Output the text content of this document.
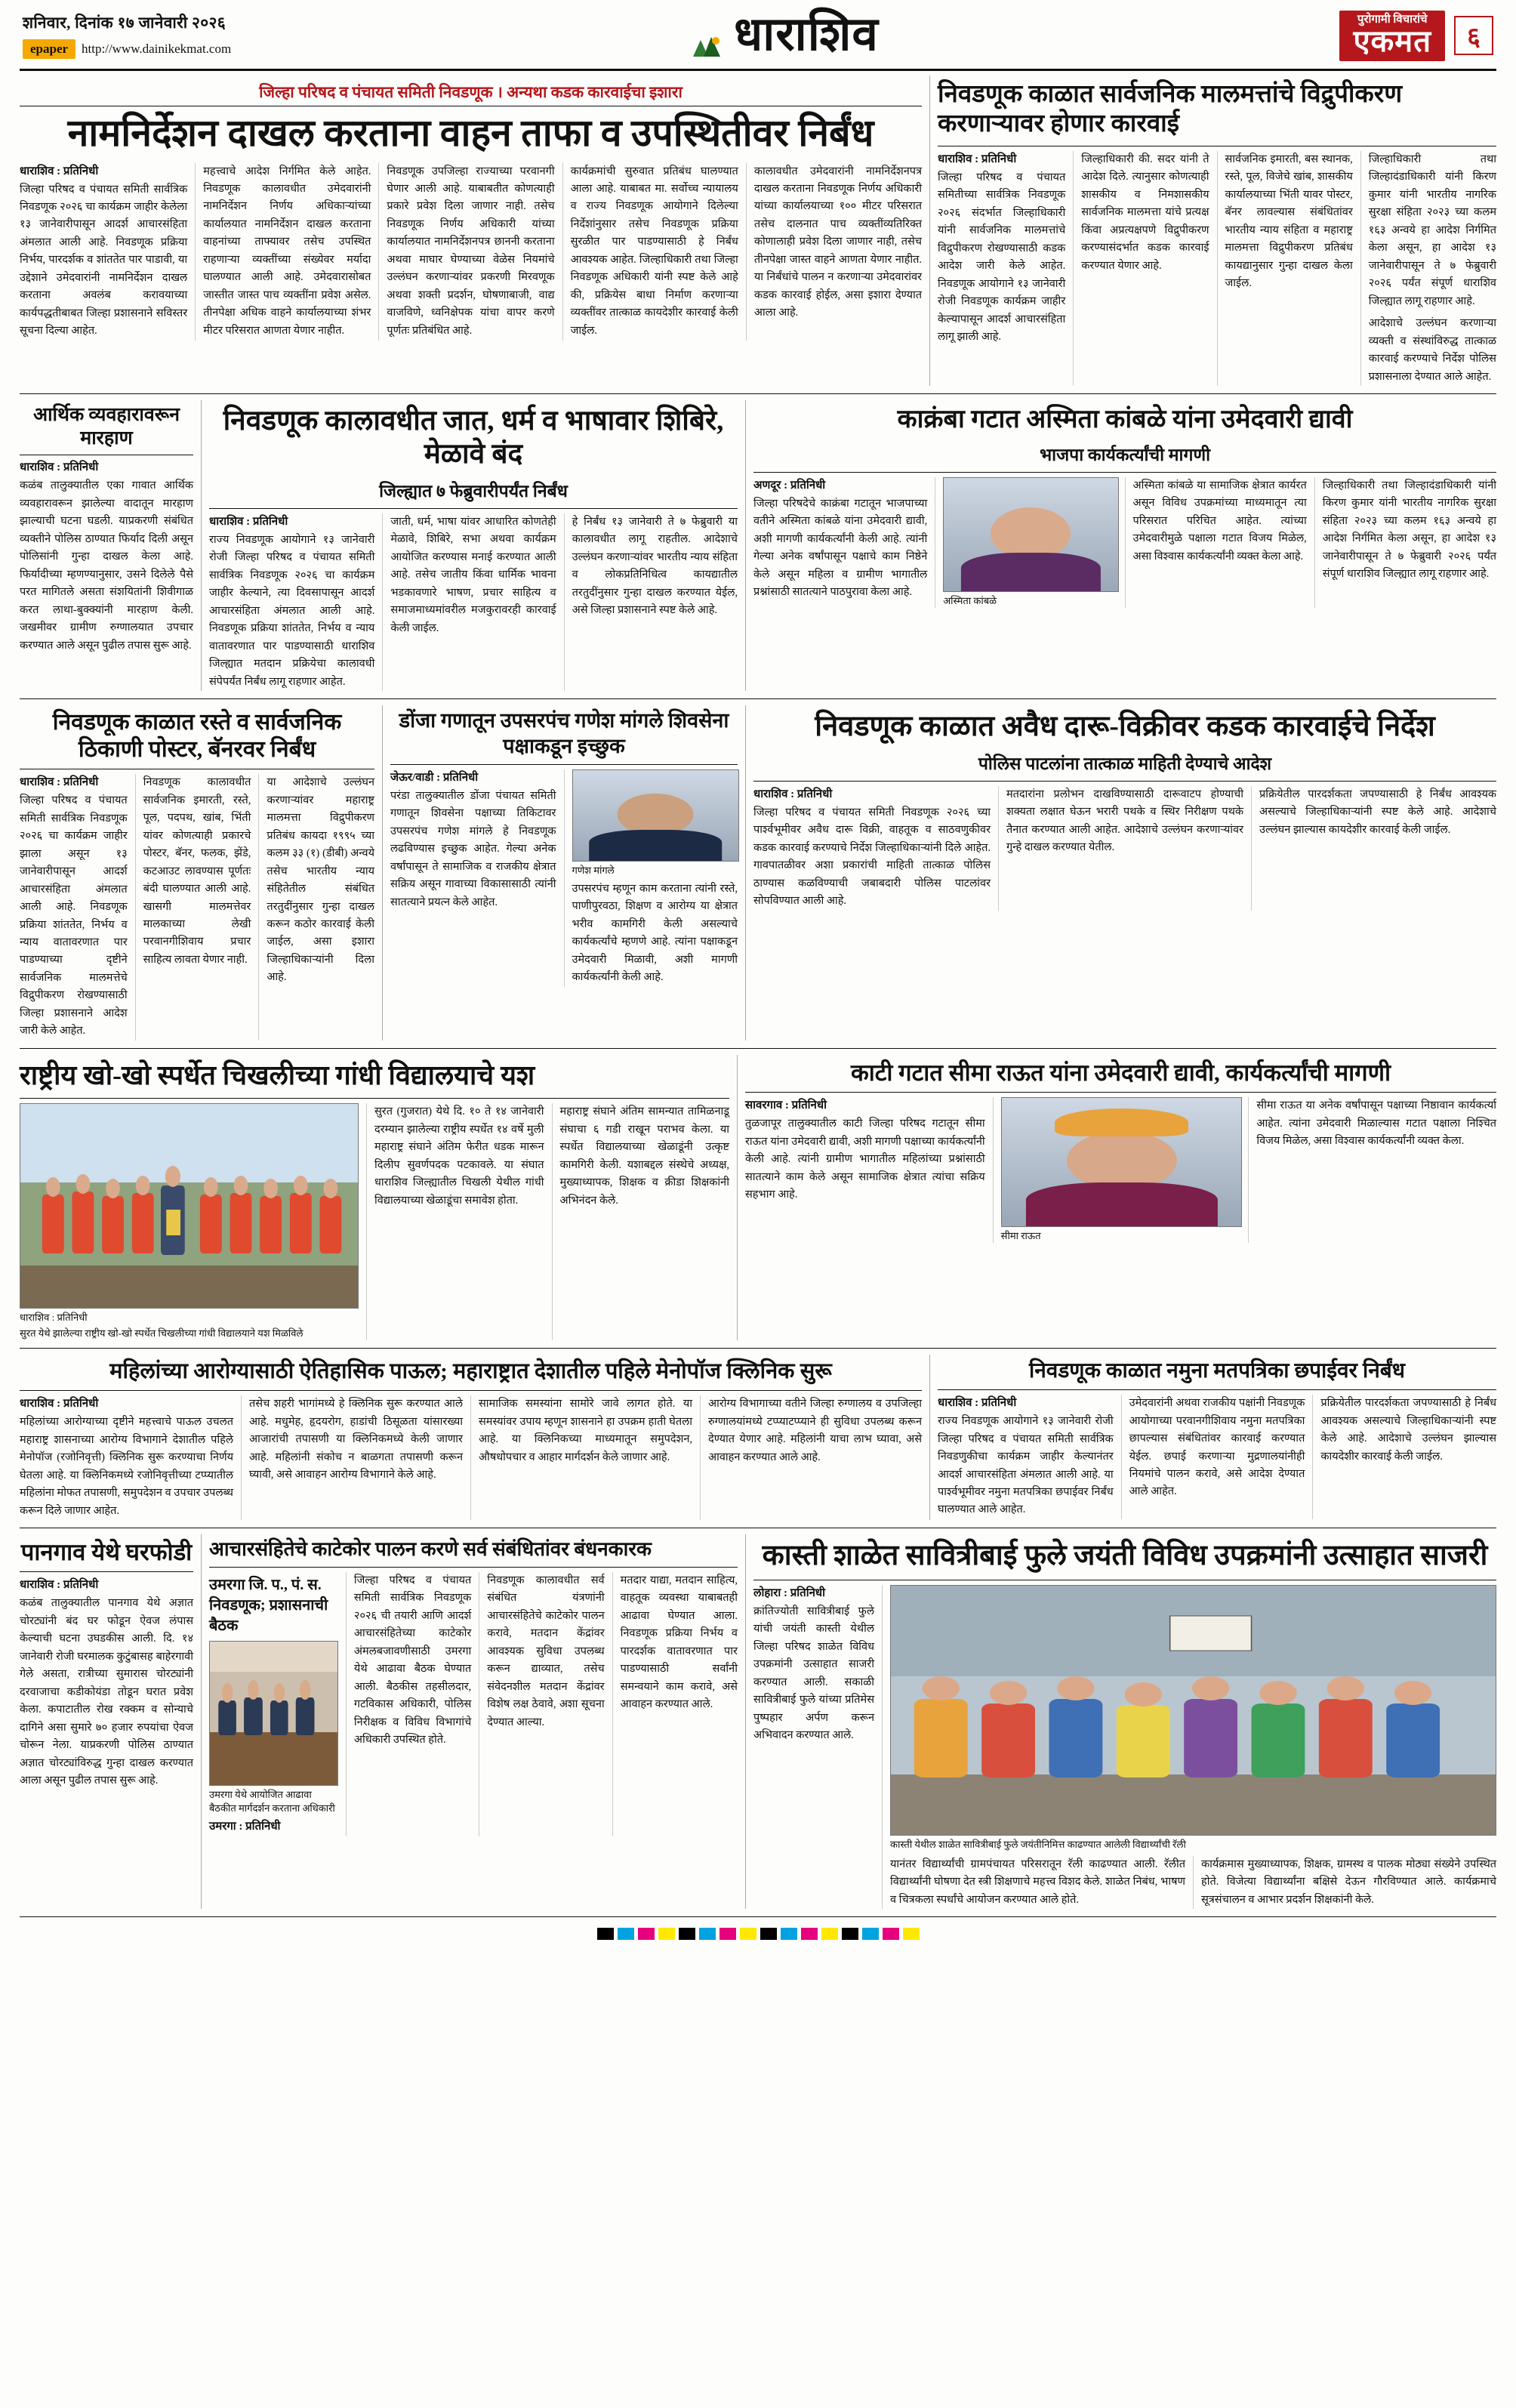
शनिवार, दिनांक १७ जानेवारी २०२६
epaper	http://www.dainikekmat.com	धाराशिव	पुरोगामी विचारांचे
एकमत	६
जिल्हा परिषद व पंचायत समिती निवडणूक । अन्यथा कडक कारवाईचा इशारा
नामनिर्देशन दाखल करताना वाहन ताफा व उपस्थितीवर निर्बंध
धाराशिव : प्रतिनिधी
जिल्हा परिषद व पंचायत समिती सार्वत्रिक निवडणूक २०२६ चा कार्यक्रम जाहीर केलेला १३ जानेवारीपासून आदर्श आचारसंहिता अंमलात आली आहे. निवडणूक प्रक्रिया निर्भय, पारदर्शक व शांततेत पार पाडावी, या उद्देशाने उमेदवारांनी नामनिर्देशन दाखल करताना अवलंब करावयाच्या कार्यपद्धतीबाबत जिल्हा प्रशासनाने सविस्तर सूचना दिल्या आहेत.
महत्त्वाचे आदेश निर्गमित केले आहेत. निवडणूक कालावधीत उमेदवारांनी नामनिर्देशन निर्णय अधिकाऱ्यांच्या कार्यालयात नामनिर्देशन दाखल करताना वाहनांच्या ताफ्यावर तसेच उपस्थित राहणाऱ्या व्यक्तींच्या संख्येवर मर्यादा घालण्यात आली आहे. उमेदवारासोबत जास्तीत जास्त पाच व्यक्तींना प्रवेश असेल. तीनपेक्षा अधिक वाहने कार्यालयाच्या शंभर मीटर परिसरात आणता येणार नाहीत.
निवडणूक उपजिल्हा राज्याच्या परवानगी घेणार आली आहे. याबाबतीत कोणत्याही प्रकारे प्रवेश दिला जाणार नाही. तसेच निवडणूक निर्णय अधिकारी यांच्या कार्यालयात नामनिर्देशनपत्र छाननी करताना अथवा माघार घेण्याच्या वेळेस नियमांचे उल्लंघन करणाऱ्यांवर प्रकरणी मिरवणूक अथवा शक्ती प्रदर्शन, घोषणाबाजी, वाद्य वाजविणे, ध्वनिक्षेपक यांचा वापर करणे पूर्णतः प्रतिबंधित आहे.
कार्यक्रमांची सुरुवात प्रतिबंध घालण्यात आला आहे. याबाबत मा. सर्वोच्च न्यायालय व राज्य निवडणूक आयोगाने दिलेल्या निर्देशांनुसार तसेच निवडणूक प्रक्रिया सुरळीत पार पाडण्यासाठी हे निर्बंध आवश्यक आहेत. जिल्हाधिकारी तथा जिल्हा निवडणूक अधिकारी यांनी स्पष्ट केले आहे की, प्रक्रियेस बाधा निर्माण करणाऱ्या व्यक्तींवर तात्काळ कायदेशीर कारवाई केली जाईल.
कालावधीत उमेदवारांनी नामनिर्देशनपत्र दाखल करताना निवडणूक निर्णय अधिकारी यांच्या कार्यालयाच्या १०० मीटर परिसरात तसेच दालनात पाच व्यक्तींव्यतिरिक्त कोणालाही प्रवेश दिला जाणार नाही, तसेच तीनपेक्षा जास्त वाहने आणता येणार नाहीत. या निर्बंधांचे पालन न करणाऱ्या उमेदवारांवर कडक कारवाई होईल, असा इशारा देण्यात आला आहे.
निवडणूक काळात सार्वजनिक मालमत्तांचे विद्रुपीकरण करणाऱ्यावर होणार कारवाई
धाराशिव : प्रतिनिधी
जिल्हा परिषद व पंचायत समितीच्या सार्वत्रिक निवडणूक २०२६ संदर्भात जिल्हाधिकारी यांनी सार्वजनिक मालमत्तांचे विद्रुपीकरण रोखण्यासाठी कडक आदेश जारी केले आहेत. निवडणूक आयोगाने १३ जानेवारी रोजी निवडणूक कार्यक्रम जाहीर केल्यापासून आदर्श आचारसंहिता लागू झाली आहे.
जिल्हाधिकारी की. सदर यांनी ते आदेश दिले. त्यानुसार कोणत्याही शासकीय व निमशासकीय सार्वजनिक मालमत्ता यांचे प्रत्यक्ष किंवा अप्रत्यक्षपणे विद्रुपीकरण करण्यासंदर्भात कडक कारवाई करण्यात येणार आहे.
सार्वजनिक इमारती, बस स्थानक, रस्ते, पूल, विजेचे खांब, शासकीय कार्यालयाच्या भिंती यावर पोस्टर, बॅनर लावल्यास संबंधितांवर भारतीय न्याय संहिता व महाराष्ट्र मालमत्ता विद्रुपीकरण प्रतिबंध कायद्यानुसार गुन्हा दाखल केला जाईल.
जिल्हाधिकारी तथा जिल्हादंडाधिकारी यांनी किरण कुमार यांनी भारतीय नागरिक सुरक्षा संहिता २०२३ च्या कलम १६३ अन्वये हा आदेश निर्गमित केला असून, हा आदेश १३ जानेवारीपासून ते ७ फेब्रुवारी २०२६ पर्यंत संपूर्ण धाराशिव जिल्ह्यात लागू राहणार आहे.
आदेशाचे उल्लंघन करणाऱ्या व्यक्ती व संस्थांविरुद्ध तात्काळ कारवाई करण्याचे निर्देश पोलिस प्रशासनाला देण्यात आले आहेत.
आर्थिक व्यवहारावरून मारहाण
धाराशिव : प्रतिनिधी
कळंब तालुक्यातील एका गावात आर्थिक व्यवहारावरून झालेल्या वादातून मारहाण झाल्याची घटना घडली. याप्रकरणी संबंधित व्यक्तीने पोलिस ठाण्यात फिर्याद दिली असून पोलिसांनी गुन्हा दाखल केला आहे. फिर्यादीच्या म्हणण्यानुसार, उसने दिलेले पैसे परत मागितले असता संशयितांनी शिवीगाळ करत लाथा-बुक्क्यांनी मारहाण केली. जखमीवर ग्रामीण रुग्णालयात उपचार करण्यात आले असून पुढील तपास सुरू आहे.
निवडणूक कालावधीत जात, धर्म व भाषावार शिबिरे, मेळावे बंद
जिल्ह्यात ७ फेब्रुवारीपर्यंत निर्बंध
धाराशिव : प्रतिनिधी
राज्य निवडणूक आयोगाने १३ जानेवारी रोजी जिल्हा परिषद व पंचायत समिती सार्वत्रिक निवडणूक २०२६ चा कार्यक्रम जाहीर केल्याने, त्या दिवसापासून आदर्श आचारसंहिता अंमलात आली आहे. निवडणूक प्रक्रिया शांततेत, निर्भय व न्याय वातावरणात पार पाडण्यासाठी धाराशिव जिल्ह्यात मतदान प्रक्रियेचा कालावधी संपेपर्यंत निर्बंध लागू राहणार आहेत.
जाती, धर्म, भाषा यांवर आधारित कोणतेही मेळावे, शिबिरे, सभा अथवा कार्यक्रम आयोजित करण्यास मनाई करण्यात आली आहे. तसेच जातीय किंवा धार्मिक भावना भडकावणारे भाषण, प्रचार साहित्य व समाजमाध्यमांवरील मजकुरावरही कारवाई केली जाईल.
हे निर्बंध १३ जानेवारी ते ७ फेब्रुवारी या कालावधीत लागू राहतील. आदेशाचे उल्लंघन करणाऱ्यांवर भारतीय न्याय संहिता व लोकप्रतिनिधित्व कायद्यातील तरतुदींनुसार गुन्हा दाखल करण्यात येईल, असे जिल्हा प्रशासनाने स्पष्ट केले आहे.
काक्रंबा गटात अस्मिता कांबळे यांना उमेदवारी द्यावी
भाजपा कार्यकर्त्यांची मागणी
अणदूर : प्रतिनिधी
जिल्हा परिषदेचे काक्रंबा गटातून भाजपाच्या वतीने अस्मिता कांबळे यांना उमेदवारी द्यावी, अशी मागणी कार्यकर्त्यांनी केली आहे. त्यांनी गेल्या अनेक वर्षांपासून पक्षाचे काम निष्ठेने केले असून महिला व ग्रामीण भागातील प्रश्नांसाठी सातत्याने पाठपुरावा केला आहे.
अस्मिता कांबळे
अस्मिता कांबळे या सामाजिक क्षेत्रात कार्यरत असून विविध उपक्रमांच्या माध्यमातून त्या परिसरात परिचित आहेत. त्यांच्या उमेदवारीमुळे पक्षाला गटात विजय मिळेल, असा विश्वास कार्यकर्त्यांनी व्यक्त केला आहे.
जिल्हाधिकारी तथा जिल्हादंडाधिकारी यांनी किरण कुमार यांनी भारतीय नागरिक सुरक्षा संहिता २०२३ च्या कलम १६३ अन्वये हा आदेश निर्गमित केला असून, हा आदेश १३ जानेवारीपासून ते ७ फेब्रुवारी २०२६ पर्यंत संपूर्ण धाराशिव जिल्ह्यात लागू राहणार आहे.
निवडणूक काळात रस्ते व सार्वजनिक ठिकाणी पोस्टर, बॅनरवर निर्बंध
धाराशिव : प्रतिनिधी
जिल्हा परिषद व पंचायत समिती सार्वत्रिक निवडणूक २०२६ चा कार्यक्रम जाहीर झाला असून १३ जानेवारीपासून आदर्श आचारसंहिता अंमलात आली आहे. निवडणूक प्रक्रिया शांततेत, निर्भय व न्याय वातावरणात पार पाडण्याच्या दृष्टीने सार्वजनिक मालमत्तेचे विद्रुपीकरण रोखण्यासाठी जिल्हा प्रशासनाने आदेश जारी केले आहेत.
निवडणूक कालावधीत सार्वजनिक इमारती, रस्ते, पूल, पदपथ, खांब, भिंती यांवर कोणत्याही प्रकारचे पोस्टर, बॅनर, फलक, झेंडे, कटआउट लावण्यास पूर्णतः बंदी घालण्यात आली आहे. खासगी मालमत्तेवर मालकाच्या लेखी परवानगीशिवाय प्रचार साहित्य लावता येणार नाही.
या आदेशाचे उल्लंघन करणाऱ्यांवर महाराष्ट्र मालमत्ता विद्रुपीकरण प्रतिबंध कायदा १९९५ च्या कलम ३३ (१) (डीबी) अन्वये तसेच भारतीय न्याय संहितेतील संबंधित तरतुदींनुसार गुन्हा दाखल करून कठोर कारवाई केली जाईल, असा इशारा जिल्हाधिकाऱ्यांनी दिला आहे.
डोंजा गणातून उपसरपंच गणेश मांगले शिवसेना पक्षाकडून इच्छुक
जेऊर/वाडी : प्रतिनिधी
परंडा तालुक्यातील डोंजा पंचायत समिती गणातून शिवसेना पक्षाच्या तिकिटावर उपसरपंच गणेश मांगले हे निवडणूक लढविण्यास इच्छुक आहेत. गेल्या अनेक वर्षांपासून ते सामाजिक व राजकीय क्षेत्रात सक्रिय असून गावाच्या विकासासाठी त्यांनी सातत्याने प्रयत्न केले आहेत.
गणेश मांगले
उपसरपंच म्हणून काम करताना त्यांनी रस्ते, पाणीपुरवठा, शिक्षण व आरोग्य या क्षेत्रात भरीव कामगिरी केली असल्याचे कार्यकर्त्यांचे म्हणणे आहे. त्यांना पक्षाकडून उमेदवारी मिळावी, अशी मागणी कार्यकर्त्यांनी केली आहे.
निवडणूक काळात अवैध दारू-विक्रीवर कडक कारवाईचे निर्देश
पोलिस पाटलांना तात्काळ माहिती देण्याचे आदेश
धाराशिव : प्रतिनिधी
जिल्हा परिषद व पंचायत समिती निवडणूक २०२६ च्या पार्श्वभूमीवर अवैध दारू विक्री, वाहतूक व साठवणुकीवर कडक कारवाई करण्याचे निर्देश जिल्हाधिकाऱ्यांनी दिले आहेत. गावपातळीवर अशा प्रकारांची माहिती तात्काळ पोलिस ठाण्यास कळविण्याची जबाबदारी पोलिस पाटलांवर सोपविण्यात आली आहे.
मतदारांना प्रलोभन दाखविण्यासाठी दारूवाटप होण्याची शक्यता लक्षात घेऊन भरारी पथके व स्थिर निरीक्षण पथके तैनात करण्यात आली आहेत. आदेशाचे उल्लंघन करणाऱ्यांवर गुन्हे दाखल करण्यात येतील.
प्रक्रियेतील पारदर्शकता जपण्यासाठी हे निर्बंध आवश्यक असल्याचे जिल्हाधिकाऱ्यांनी स्पष्ट केले आहे. आदेशाचे उल्लंघन झाल्यास कायदेशीर कारवाई केली जाईल.
राष्ट्रीय खो-खो स्पर्धेत चिखलीच्या गांधी विद्यालयाचे यश
धाराशिव : प्रतिनिधी
सुरत येथे झालेल्या राष्ट्रीय खो-खो स्पर्धेत चिखलीच्या गांधी विद्यालयाने यश मिळविले
सुरत (गुजरात) येथे दि. १० ते १४ जानेवारी दरम्यान झालेल्या राष्ट्रीय स्पर्धेत १४ वर्षे मुली महाराष्ट्र संघाने अंतिम फेरीत धडक मारून दिलीप सुवर्णपदक पटकावले. या संघात धाराशिव जिल्ह्यातील चिखली येथील गांधी विद्यालयाच्या खेळाडूंचा समावेश होता.
महाराष्ट्र संघाने अंतिम सामन्यात तामिळनाडू संघाचा ६ गडी राखून पराभव केला. या स्पर्धेत विद्यालयाच्या खेळाडूंनी उत्कृष्ट कामगिरी केली. यशाबद्दल संस्थेचे अध्यक्ष, मुख्याध्यापक, शिक्षक व क्रीडा शिक्षकांनी अभिनंदन केले.
काटी गटात सीमा राऊत यांना उमेदवारी द्यावी, कार्यकर्त्यांची मागणी
सावरगाव : प्रतिनिधी
तुळजापूर तालुक्यातील काटी जिल्हा परिषद गटातून सीमा राऊत यांना उमेदवारी द्यावी, अशी मागणी पक्षाच्या कार्यकर्त्यांनी केली आहे. त्यांनी ग्रामीण भागातील महिलांच्या प्रश्नांसाठी सातत्याने काम केले असून सामाजिक क्षेत्रात त्यांचा सक्रिय सहभाग आहे.
सीमा राऊत
सीमा राऊत या अनेक वर्षांपासून पक्षाच्या निष्ठावान कार्यकर्त्या आहेत. त्यांना उमेदवारी मिळाल्यास गटात पक्षाला निश्चित विजय मिळेल, असा विश्वास कार्यकर्त्यांनी व्यक्त केला.
महिलांच्या आरोग्यासाठी ऐतिहासिक पाऊल; महाराष्ट्रात देशातील पहिले मेनोपॉज क्लिनिक सुरू
धाराशिव : प्रतिनिधी
महिलांच्या आरोग्याच्या दृष्टीने महत्त्वाचे पाऊल उचलत महाराष्ट्र शासनाच्या आरोग्य विभागाने देशातील पहिले मेनोपॉज (रजोनिवृत्ती) क्लिनिक सुरू करण्याचा निर्णय घेतला आहे. या क्लिनिकमध्ये रजोनिवृत्तीच्या टप्प्यातील महिलांना मोफत तपासणी, समुपदेशन व उपचार उपलब्ध करून दिले जाणार आहेत.
तसेच शहरी भागांमध्ये हे क्लिनिक सुरू करण्यात आले आहे. मधुमेह, हृदयरोग, हाडांची ठिसूळता यांसारख्या आजारांची तपासणी या क्लिनिकमध्ये केली जाणार आहे. महिलांनी संकोच न बाळगता तपासणी करून घ्यावी, असे आवाहन आरोग्य विभागाने केले आहे.
सामाजिक समस्यांना सामोरे जावे लागत होते. या समस्यांवर उपाय म्हणून शासनाने हा उपक्रम हाती घेतला आहे. या क्लिनिकच्या माध्यमातून समुपदेशन, औषधोपचार व आहार मार्गदर्शन केले जाणार आहे.
आरोग्य विभागाच्या वतीने जिल्हा रुग्णालय व उपजिल्हा रुग्णालयांमध्ये टप्प्याटप्प्याने ही सुविधा उपलब्ध करून देण्यात येणार आहे. महिलांनी याचा लाभ घ्यावा, असे आवाहन करण्यात आले आहे.
निवडणूक काळात नमुना मतपत्रिका छपाईवर निर्बंध
धाराशिव : प्रतिनिधी
राज्य निवडणूक आयोगाने १३ जानेवारी रोजी जिल्हा परिषद व पंचायत समिती सार्वत्रिक निवडणुकीचा कार्यक्रम जाहीर केल्यानंतर आदर्श आचारसंहिता अंमलात आली आहे. या पार्श्वभूमीवर नमुना मतपत्रिका छपाईवर निर्बंध घालण्यात आले आहेत.
उमेदवारांनी अथवा राजकीय पक्षांनी निवडणूक आयोगाच्या परवानगीशिवाय नमुना मतपत्रिका छापल्यास संबंधितांवर कारवाई करण्यात येईल. छपाई करणाऱ्या मुद्रणालयांनीही नियमांचे पालन करावे, असे आदेश देण्यात आले आहेत.
प्रक्रियेतील पारदर्शकता जपण्यासाठी हे निर्बंध आवश्यक असल्याचे जिल्हाधिकाऱ्यांनी स्पष्ट केले आहे. आदेशाचे उल्लंघन झाल्यास कायदेशीर कारवाई केली जाईल.
पानगाव येथे घरफोडी
धाराशिव : प्रतिनिधी
कळंब तालुक्यातील पानगाव येथे अज्ञात चोरट्यांनी बंद घर फोडून ऐवज लंपास केल्याची घटना उघडकीस आली. दि. १४ जानेवारी रोजी घरमालक कुटुंबासह बाहेरगावी गेले असता, रात्रीच्या सुमारास चोरट्यांनी दरवाजाचा कडीकोयंडा तोडून घरात प्रवेश केला. कपाटातील रोख रक्कम व सोन्याचे दागिने असा सुमारे ७० हजार रुपयांचा ऐवज चोरून नेला. याप्रकरणी पोलिस ठाण्यात अज्ञात चोरट्यांविरुद्ध गुन्हा दाखल करण्यात आला असून पुढील तपास सुरू आहे.
आचारसंहितेचे काटेकोर पालन करणे सर्व संबंधितांवर बंधनकारक
उमरगा जि. प., पं. स. निवडणूक; प्रशासनाची बैठक
उमरगा येथे आयोजित आढावा बैठकीत मार्गदर्शन करताना अधिकारी
उमरगा : प्रतिनिधी
जिल्हा परिषद व पंचायत समिती सार्वत्रिक निवडणूक २०२६ ची तयारी आणि आदर्श आचारसंहितेच्या काटेकोर अंमलबजावणीसाठी उमरगा येथे आढावा बैठक घेण्यात आली. बैठकीस तहसीलदार, गटविकास अधिकारी, पोलिस निरीक्षक व विविध विभागांचे अधिकारी उपस्थित होते.
निवडणूक कालावधीत सर्व संबंधित यंत्रणांनी आचारसंहितेचे काटेकोर पालन करावे, मतदान केंद्रांवर आवश्यक सुविधा उपलब्ध करून द्याव्यात, तसेच संवेदनशील मतदान केंद्रांवर विशेष लक्ष ठेवावे, अशा सूचना देण्यात आल्या.
मतदार याद्या, मतदान साहित्य, वाहतूक व्यवस्था याबाबतही आढावा घेण्यात आला. निवडणूक प्रक्रिया निर्भय व पारदर्शक वातावरणात पार पाडण्यासाठी सर्वांनी समन्वयाने काम करावे, असे आवाहन करण्यात आले.
कास्ती शाळेत सावित्रीबाई फुले जयंती विविध उपक्रमांनी उत्साहात साजरी
लोहारा : प्रतिनिधी
क्रांतिज्योती सावित्रीबाई फुले यांची जयंती कास्ती येथील जिल्हा परिषद शाळेत विविध उपक्रमांनी उत्साहात साजरी करण्यात आली. सकाळी सावित्रीबाई फुले यांच्या प्रतिमेस पुष्पहार अर्पण करून अभिवादन करण्यात आले.
कास्ती येथील शाळेत सावित्रीबाई फुले जयंतीनिमित्त काढण्यात आलेली विद्यार्थ्यांची रॅली
यानंतर विद्यार्थ्यांची ग्रामपंचायत परिसरातून रॅली काढण्यात आली. रॅलीत विद्यार्थ्यांनी घोषणा देत स्त्री शिक्षणाचे महत्त्व विशद केले. शाळेत निबंध, भाषण व चित्रकला स्पर्धांचे आयोजन करण्यात आले होते.
कार्यक्रमास मुख्याध्यापक, शिक्षक, ग्रामस्थ व पालक मोठ्या संख्येने उपस्थित होते. विजेत्या विद्यार्थ्यांना बक्षिसे देऊन गौरविण्यात आले. कार्यक्रमाचे सूत्रसंचालन व आभार प्रदर्शन शिक्षकांनी केले.
